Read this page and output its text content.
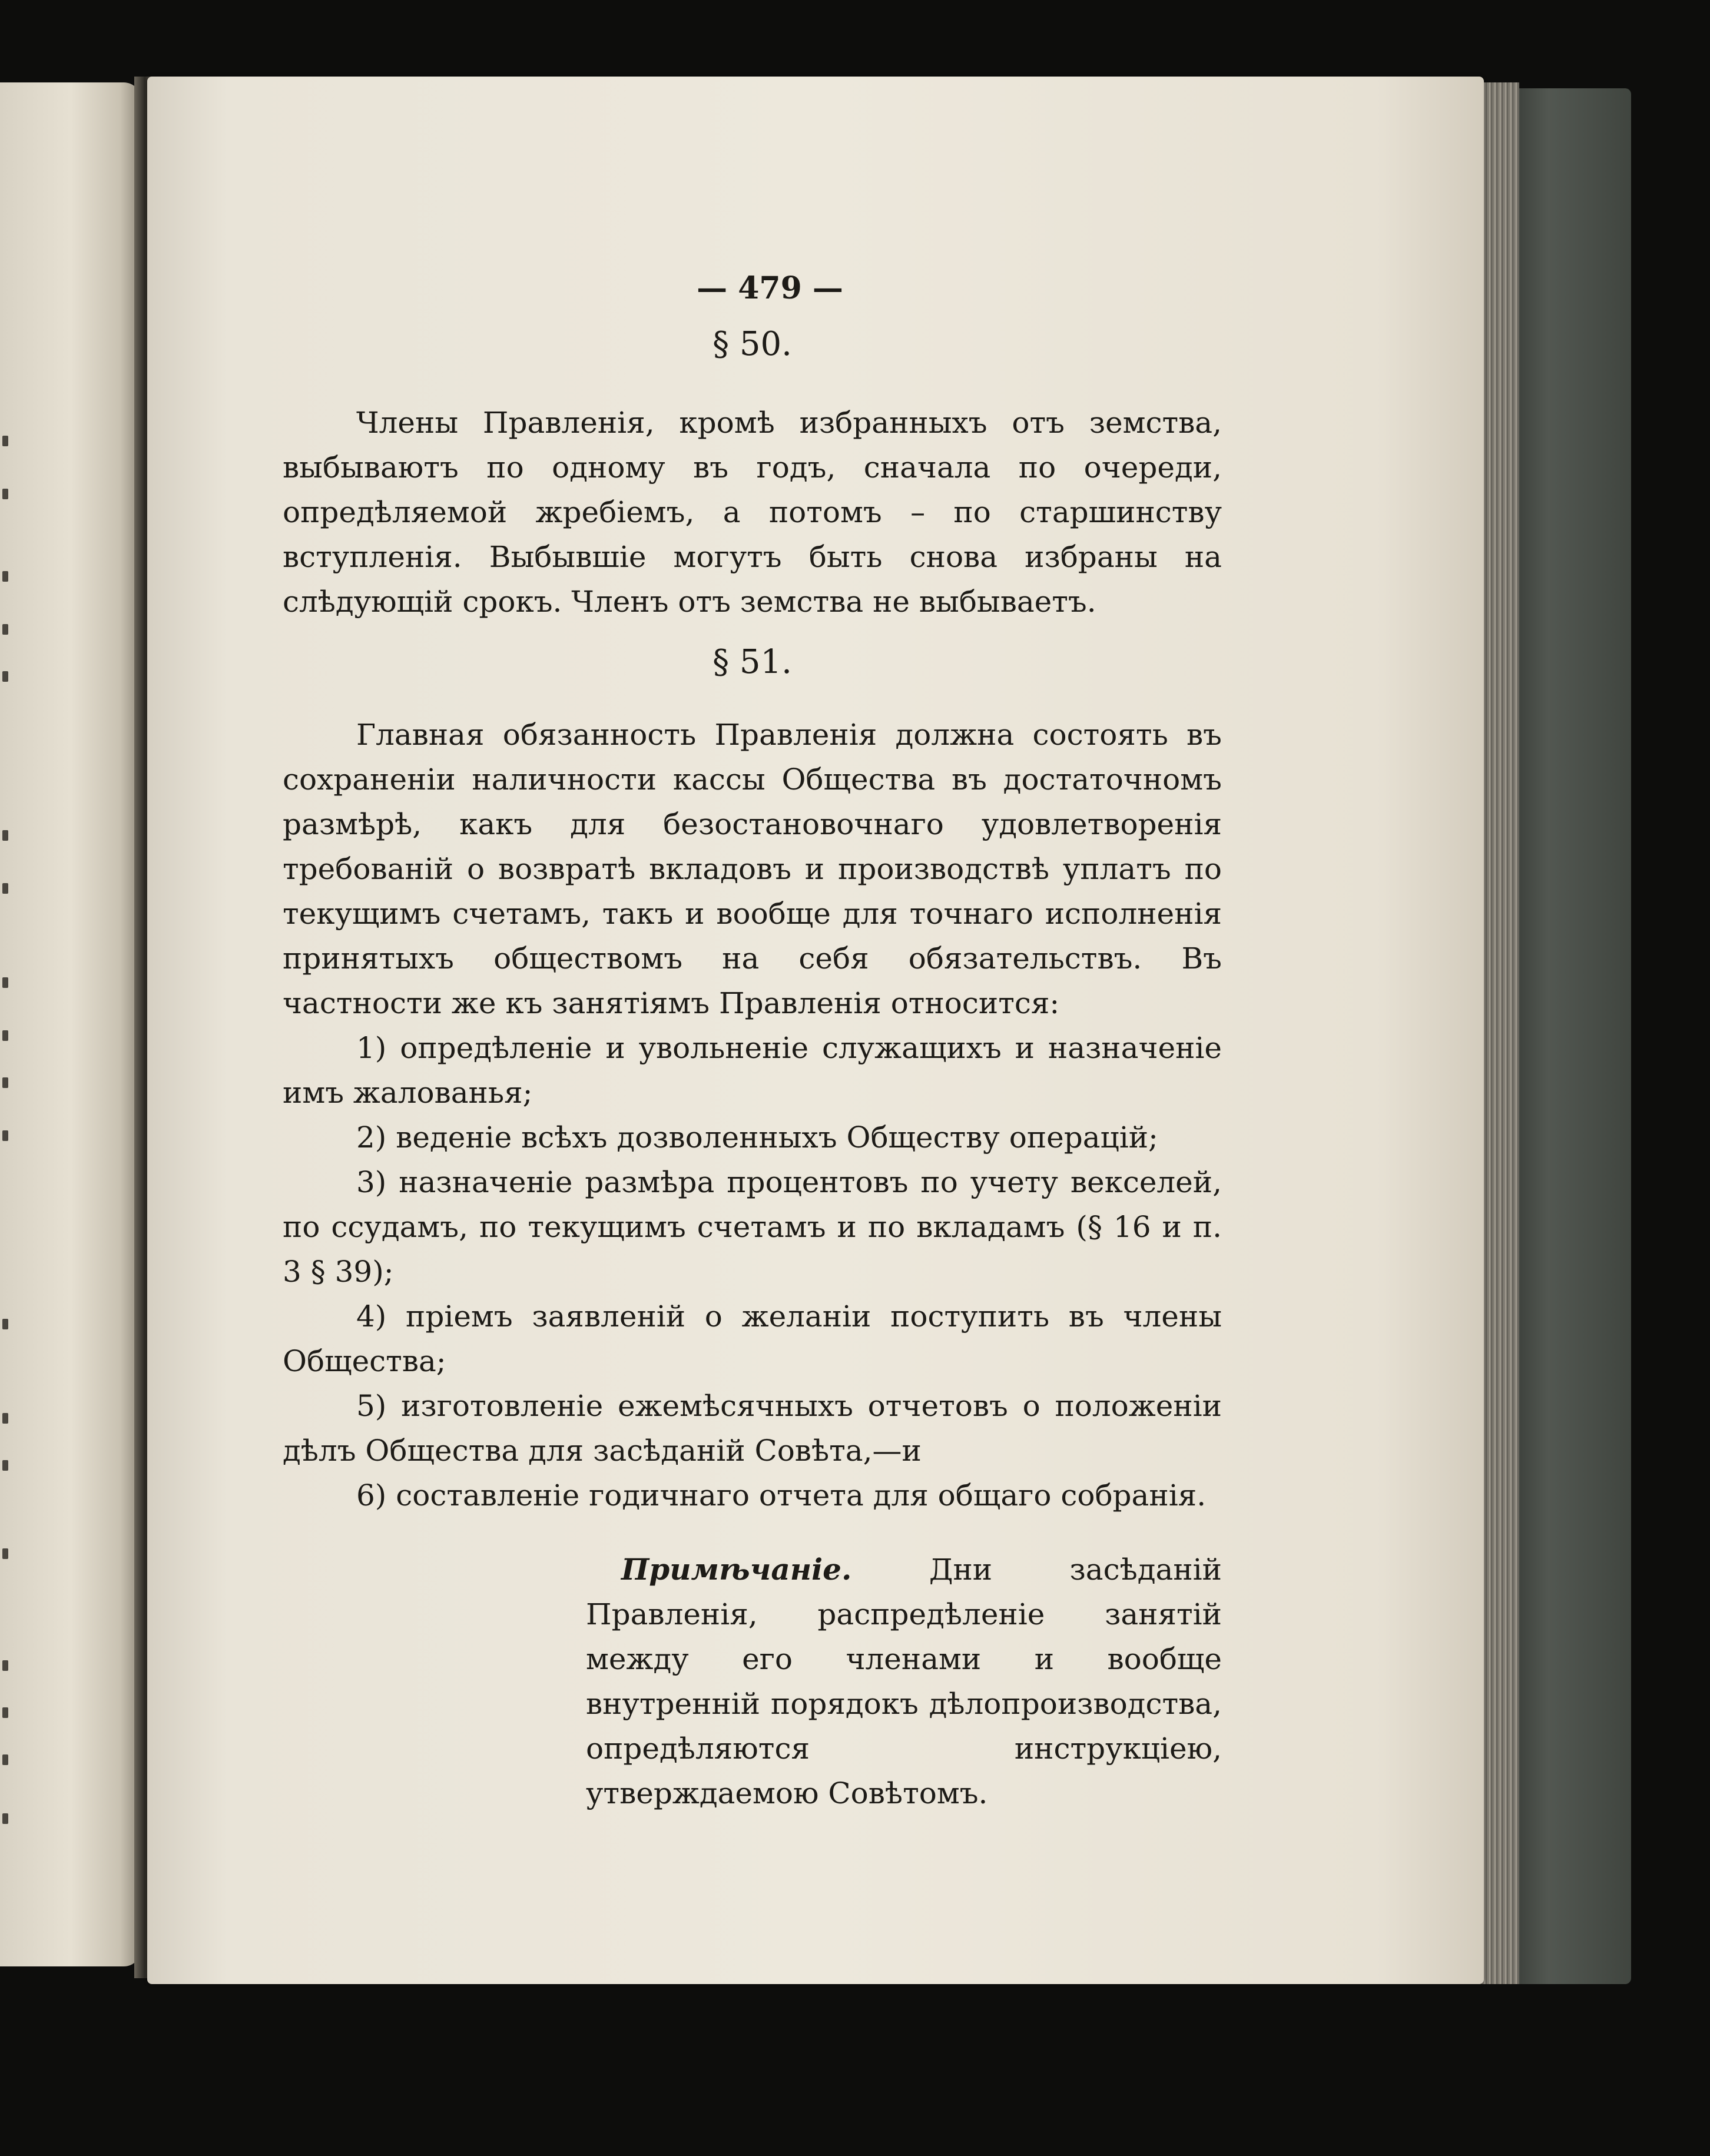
— 479 —
§ 50.

Члены Правленія, кромѣ избранныхъ отъ земства, выбываютъ по одному въ годъ, сначала по очереди, опредѣляемой жребіемъ, а потомъ – по старшинству вступленія. Выбывшіе могутъ быть снова избраны на слѣдующій срокъ. Членъ отъ земства не выбываетъ.

§ 51.

Главная обязанность Правленія должна состоять въ сохраненіи наличности кассы Общества въ достаточномъ размѣрѣ, какъ для безостановочнаго удовлетворенія требованій о возвратѣ вкладовъ и производствѣ уплатъ по текущимъ счетамъ, такъ и вообще для точнаго исполненія принятыхъ обществомъ на себя обязательствъ. Въ частности же къ занятіямъ Правленія относится:

1) опредѣленіе и увольненіе служащихъ и назначеніе имъ жалованья;

2) веденіе всѣхъ дозволенныхъ Обществу операцій;

3) назначеніе размѣра процентовъ по учету векселей, по ссудамъ, по текущимъ счетамъ и по вкладамъ (§ 16 и п. 3 § 39);

4) пріемъ заявленій о желаніи поступить въ члены Общества;

5) изготовленіе ежемѣсячныхъ отчетовъ о положеніи дѣлъ Общества для засѣданій Совѣта,—и

6) составленіе годичнаго отчета для общаго собранія.

Примѣчаніе.	Дни засѣданій Правленія, распредѣленіе занятій между его членами и вообще внутренній порядокъ дѣлопроизводства, опредѣляются инструкціею, утверждаемою Совѣтомъ.
